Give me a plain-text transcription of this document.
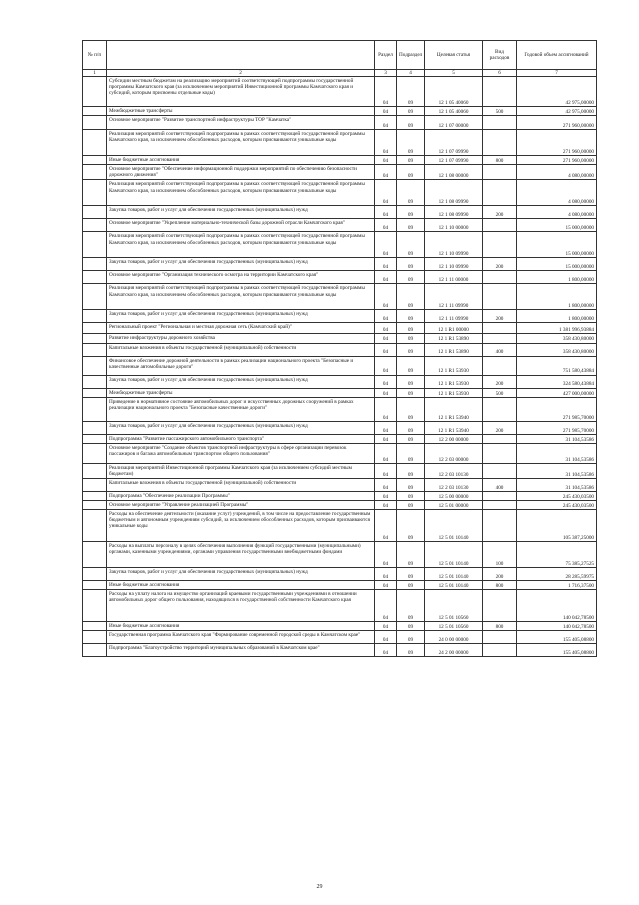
№ п/п		Раздел	Подраздел	Целевая статья	Вид расходов	Годовой объем ассигнований
1	2	3	4	5	6	7
	Субсидии местным бюджетам на реализацию мероприятий соответствующей подпрограммы государственной программы Камчатского края (за исключением мероприятий Инвестиционной программы Камчатского края и субсидий, которым присвоены отдельные коды)	04	09	12 1 05 40060		42 975,00000
	Межбюджетные трансферты	04	09	12 1 05 40060	500	42 975,00000
	Основное мероприятие "Развитие транспортной инфраструктуры ТОР "Камчатка"	04	09	12 1 07 00000		271 960,00000
	Реализация мероприятий соответствующей подпрограммы в рамках соответствующей государственной программы Камчатского края, за исключением обособленных расходов, которым присваиваются уникальные коды	04	09	12 1 07 09990		271 960,00000
	Иные бюджетные ассигнования	04	09	12 1 07 09990	800	271 960,00000
	Основное мероприятие "Обеспечение информационной поддержки мероприятий по обеспечению безопасности дорожного движения"	04	09	12 1 08 00000		4 080,00000
	Реализация мероприятий соответствующей подпрограммы в рамках соответствующей государственной программы Камчатского края, за исключением обособленных расходов, которым присваиваются уникальные коды	04	09	12 1 08 09990		4 080,00000
	Закупка товаров, работ и услуг для обеспечения государственных (муниципальных) нужд	04	09	12 1 08 09990	200	4 080,00000
	Основное мероприятие "Укрепление материально-технической базы дорожной отрасли Камчатского края"	04	09	12 1 10 00000		15 000,00000
	Реализация мероприятий соответствующей подпрограммы в рамках соответствующей государственной программы Камчатского края, за исключением обособленных расходов, которым присваиваются уникальные коды	04	09	12 1 10 09990		15 000,00000
	Закупка товаров, работ и услуг для обеспечения государственных (муниципальных) нужд	04	09	12 1 10 09990	200	15 000,00000
	Основное мероприятие "Организация технического осмотра на территории Камчатского края"	04	09	12 1 11 00000		1 800,00000
	Реализация мероприятий соответствующей подпрограммы в рамках соответствующей государственной программы Камчатского края, за исключением обособленных расходов, которым присваиваются уникальные коды	04	09	12 1 11 09990		1 800,00000
	Закупка товаров, работ и услуг для обеспечения государственных (муниципальных) нужд	04	09	12 1 11 09990	200	1 800,00000
	Региональный проект "Региональная и местная дорожная сеть (Камчатский край)"	04	09	12 1 R1 00000		1 381 996,93884
	Развитие инфраструктуры дорожного хозяйства	04	09	12 1 R1 53890		358 430,80000
	Капитальные вложения в объекты государственной (муниципальной) собственности	04	09	12 1 R1 53890	400	358 430,80000
	Финансовое обеспечение дорожной деятельности в рамках реализации национального проекта "Безопасные и качественные автомобильные дороги"	04	09	12 1 R1 53930		751 580,43884
	Закупка товаров, работ и услуг для обеспечения государственных (муниципальных) нужд	04	09	12 1 R1 53930	200	324 580,43884
	Межбюджетные трансферты	04	09	12 1 R1 53930	500	427 000,00000
	Приведение в нормативное состояние автомобильных дорог и искусственных дорожных сооружений в рамках реализации национального проекта "Безопасные качественные дороги"	04	09	12 1 R1 53940		271 985,70000
	Закупка товаров, работ и услуг для обеспечения государственных (муниципальных) нужд	04	09	12 1 R1 53940	200	271 985,70000
	Подпрограмма "Развитие пассажирского автомобильного транспорта"	04	09	12 2 00 00000		31 104,53586
	Основное мероприятие "Создание объектов транспортной инфраструктуры в сфере организации перевозок пассажиров и багажа автомобильным транспортом общего пользования"	04	09	12 2 03 00000		31 104,53586
	Реализация мероприятий Инвестиционной программы Камчатского края (за исключением субсидий местным бюджетам)	04	09	12 2 03 10130		31 104,53586
	Капитальные вложения в объекты государственной (муниципальной) собственности	04	09	12 2 03 10130	400	31 104,53586
	Подпрограмма "Обеспечение реализации Программы"	04	09	12 5 00 00000		245 430,03500
	Основное мероприятие "Управление реализацией Программы"	04	09	12 5 01 00000		245 430,03500
	Расходы на обеспечение деятельности (оказание услуг) учреждений, в том числе на предоставление государственным бюджетным и автономным учреждениям субсидий, за исключением обособленных расходов, которым присваиваются уникальные коды	04	09	12 5 01 10140		105 387,25000
	Расходы на выплаты персоналу в целях обеспечения выполнения функций государственными (муниципальными) органами, казенными учреждениями, органами управления государственными внебюджетными фондами	04	09	12 5 01 10140	100	75 385,27525
	Закупка товаров, работ и услуг для обеспечения государственных (муниципальных) нужд	04	09	12 5 01 10140	200	28 285,59975
	Иные бюджетные ассигнования	04	09	12 5 01 10140	800	1 716,37500
	Расходы на уплату налога на имущество организаций краевыми государственными учреждениями в отношении автомобильных дорог общего пользования, находящихся в государственной собственности Камчатского края	04	09	12 5 01 10560		140 042,78500
	Иные бюджетные ассигнования	04	09	12 5 01 10560	800	140 042,78500
	Государственная программа Камчатского края "Формирование современной городской среды в Камчатском крае"	04	09	24 0 00 00000		155 405,08800
	Подпрограмма "Благоустройство территорий муниципальных образований в Камчатском крае"	04	09	24 2 00 00000		155 405,08800
29
